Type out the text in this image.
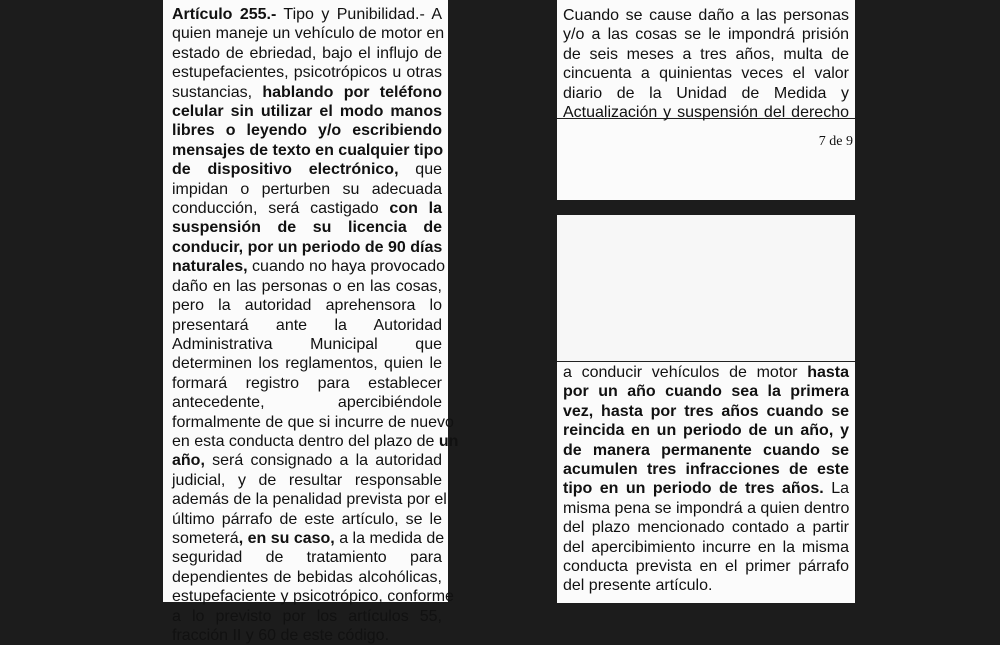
Artículo 255.- Tipo y Punibilidad.- A
quien maneje un vehículo de motor en
estado de ebriedad, bajo el influjo de
estupefacientes, psicotrópicos u otras
sustancias, hablando por teléfono
celular sin utilizar el modo manos
libres o leyendo y/o escribiendo
mensajes de texto en cualquier tipo
de dispositivo electrónico, que
impidan o perturben su adecuada
conducción, será castigado con la
suspensión de su licencia de
conducir, por un periodo de 90 días
naturales, cuando no haya provocado
daño en las personas o en las cosas,
pero la autoridad aprehensora lo
presentará ante la Autoridad
Administrativa Municipal que
determinen los reglamentos, quien le
formará registro para establecer
antecedente, apercibiéndole
formalmente de que si incurre de nuevo
en esta conducta dentro del plazo de un
año, será consignado a la autoridad
judicial, y de resultar responsable
además de la penalidad prevista por el
último párrafo de este artículo, se le
someterá, en su caso, a la medida de
seguridad de tratamiento para
dependientes de bebidas alcohólicas,
estupefaciente y psicotrópico, conforme
a lo previsto por los artículos 55,
fracción II y 60 de este código.
Cuando se cause daño a las personas
y/o a las cosas se le impondrá prisión
de seis meses a tres años, multa de
cincuenta a quinientas veces el valor
diario de la Unidad de Medida y
Actualización y suspensión del derecho
7 de 9
a conducir vehículos de motor hasta
por un año cuando sea la primera
vez, hasta por tres años cuando se
reincida en un periodo de un año, y
de manera permanente cuando se
acumulen tres infracciones de este
tipo en un periodo de tres años. La
misma pena se impondrá a quien dentro
del plazo mencionado contado a partir
del apercibimiento incurre en la misma
conducta prevista en el primer párrafo
del presente artículo.
